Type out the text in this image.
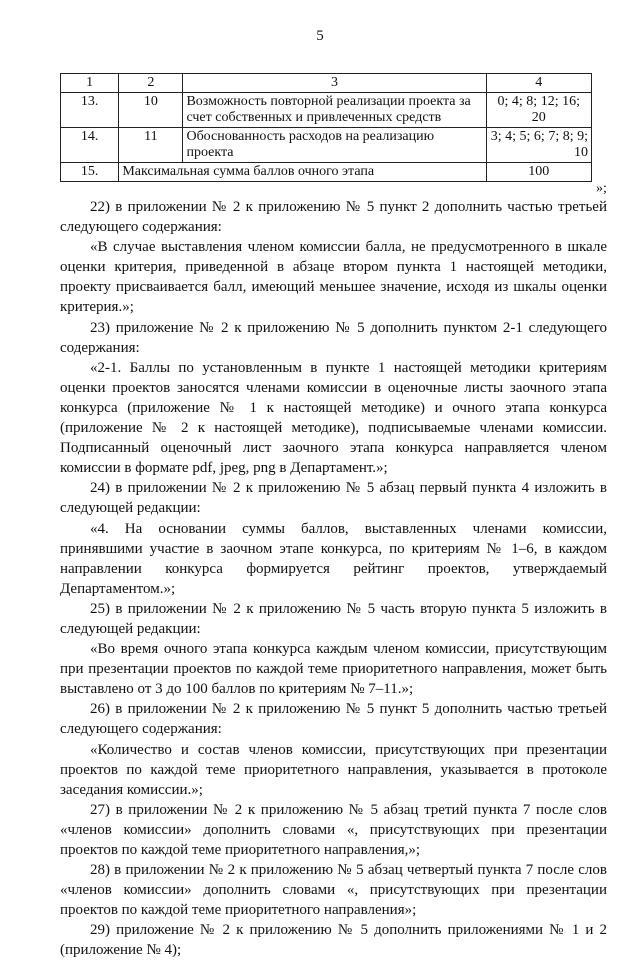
5
1	2	3	4
13.	10	Возможность повторной реализации проекта за счет собственных и привлеченных средств	0; 4; 8; 12; 16; 20
14.	11	Обоснованность расходов на реализацию проекта	3; 4; 5; 6; 7; 8; 9; 10
15.	Максимальная сумма баллов очного этапа		100
»;

22) в приложении № 2 к приложению № 5 пункт 2 дополнить частью третьей следующего содержания:

«В случае выставления членом комиссии балла, не предусмотренного в шкале оценки критерия, приведенной в абзаце втором пункта 1 настоящей методики, проекту присваивается балл, имеющий меньшее значение, исходя из шкалы оценки критерия.»;

23) приложение № 2 к приложению № 5 дополнить пунктом 2-1 следующего содержания:

«2-1. Баллы по установленным в пункте 1 настоящей методики критериям оценки проектов заносятся членами комиссии в оценочные листы заочного этапа конкурса (приложение № 1 к настоящей методике) и очного этапа конкурса (приложение № 2 к настоящей методике), подписываемые членами комиссии. Подписанный оценочный лист заочного этапа конкурса направляется членом комиссии в формате pdf, jpeg, png в Департамент.»;

24) в приложении № 2 к приложению № 5 абзац первый пункта 4 изложить в следующей редакции:

«4. На основании суммы баллов, выставленных членами комиссии, принявшими участие в заочном этапе конкурса, по критериям № 1–6, в каждом направлении конкурса формируется рейтинг проектов, утверждаемый Департаментом.»;

25) в приложении № 2 к приложению № 5 часть вторую пункта 5 изложить в следующей редакции:

«Во время очного этапа конкурса каждым членом комиссии, присутствующим при презентации проектов по каждой теме приоритетного направления, может быть выставлено от 3 до 100 баллов по критериям № 7–11.»;

26) в приложении № 2 к приложению № 5 пункт 5 дополнить частью третьей следующего содержания:

«Количество и состав членов комиссии, присутствующих при презентации проектов по каждой теме приоритетного направления, указывается в протоколе заседания комиссии.»;

27) в приложении № 2 к приложению № 5 абзац третий пункта 7 после слов «членов комиссии» дополнить словами «, присутствующих при презентации проектов по каждой теме приоритетного направления,»;

28) в приложении № 2 к приложению № 5 абзац четвертый пункта 7 после слов «членов комиссии» дополнить словами «, присутствующих при презентации проектов по каждой теме приоритетного направления»;

29) приложение № 2 к приложению № 5 дополнить приложениями № 1 и 2 (приложение № 4);
